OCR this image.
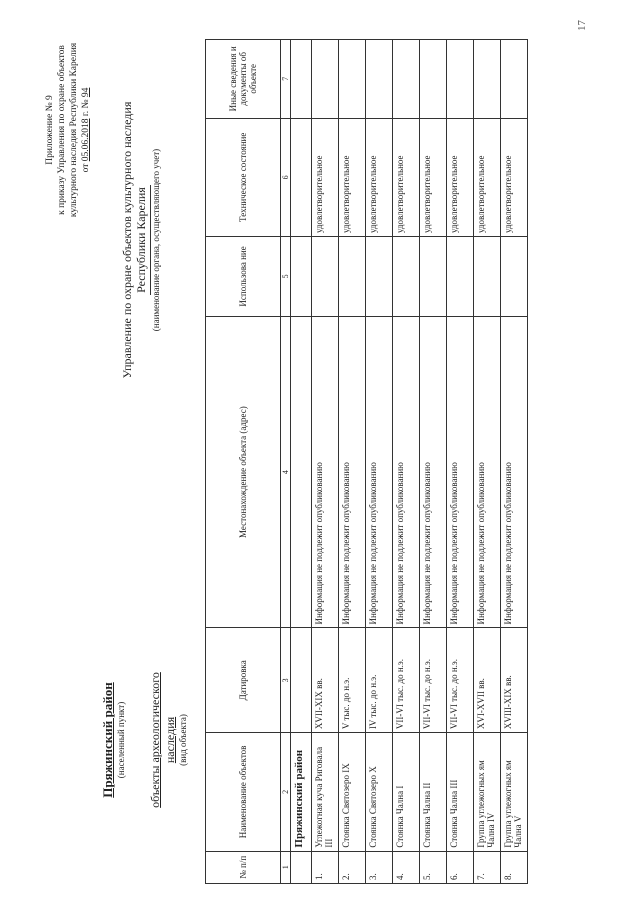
17
Приложение № 9 к приказу Управления по охране объектов культурного наследия Республики Карелия от 05.06.2018 г. № 94
Управление по охране объектов культурного наследия Республики Карелия (наименование органа, осуществляющего учет)
Пряжинский район (населенный пункт) объекты археологического наследия (вид объекта)
№ п/п	Наименование объектов	Датировка	Местонахождение объекта (адрес)	Использова ние	Техническое состояние	Иные сведения и документы об объекте
1	2	3	4	5	6	7
	Пряжинский район					
1.	Углежогная куча Риговала III	XVII-XIX вв.	Информация не подлежит опубликованию		удовлетворительное	
2.	Стоянка Святозеро IX	V тыс. до н.э.	Информация не подлежит опубликованию		удовлетворительное	
3.	Стоянка Святозеро X	IV тыс. до н.э.	Информация не подлежит опубликованию		удовлетворительное	
4.	Стоянка Чална I	VII-VI тыс. до н.э.	Информация не подлежит опубликованию		удовлетворительное	
5.	Стоянка Чална II	VII-VI тыс. до н.э.	Информация не подлежит опубликованию		удовлетворительное	
6.	Стоянка Чална III	VII-VI тыс. до н.э.	Информация не подлежит опубликованию		удовлетворительное	
7.	Группа углежогных ям Чална IV	XVI-XVII вв.	Информация не подлежит опубликованию		удовлетворительное	
8.	Группа углежогных ям Чална V	XVIII-XIX вв.	Информация не подлежит опубликованию		удовлетворительное	
